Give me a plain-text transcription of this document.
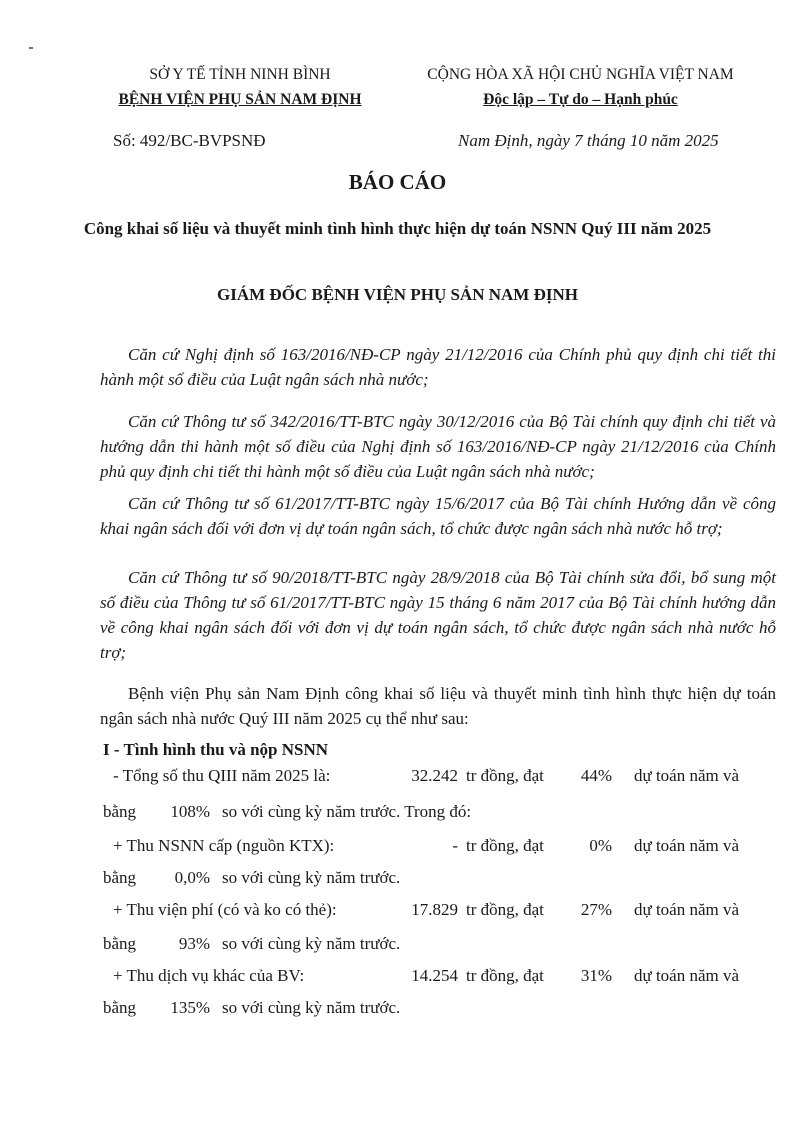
SỞ Y TẾ TỈNH NINH BÌNH
BỆNH VIỆN PHỤ SẢN NAM ĐỊNH
CỘNG HÒA XÃ HỘI CHỦ NGHĨA VIỆT NAM
Độc lập – Tự do – Hạnh phúc
Số: 492/BC-BVPSNĐ	Nam Định, ngày 7 tháng 10 năm 2025
BÁO CÁO
Công khai số liệu và thuyết minh tình hình thực hiện dự toán NSNN Quý III năm 2025
GIÁM ĐỐC BỆNH VIỆN PHỤ SẢN NAM ĐỊNH
Căn cứ Nghị định số 163/2016/NĐ-CP ngày 21/12/2016 của Chính phủ quy định chi tiết thi hành một số điều của Luật ngân sách nhà nước;
Căn cứ Thông tư số 342/2016/TT-BTC ngày 30/12/2016 của Bộ Tài chính quy định chi tiết và hướng dẫn thi hành một số điều của Nghị định số 163/2016/NĐ-CP ngày 21/12/2016 của Chính phủ quy định chi tiết thi hành một số điều của Luật ngân sách nhà nước;
Căn cứ Thông tư số 61/2017/TT-BTC ngày 15/6/2017 của Bộ Tài chính Hướng dẫn về công khai ngân sách đối với đơn vị dự toán ngân sách, tổ chức được ngân sách nhà nước hỗ trợ;
Căn cứ Thông tư số 90/2018/TT-BTC ngày 28/9/2018 của Bộ Tài chính sửa đổi, bổ sung một số điều của Thông tư số 61/2017/TT-BTC ngày 15 tháng 6 năm 2017 của Bộ Tài chính hướng dẫn về công khai ngân sách đối với đơn vị dự toán ngân sách, tổ chức được ngân sách nhà nước hỗ trợ;
Bệnh viện Phụ sản Nam Định công khai số liệu và thuyết minh tình hình thực hiện dự toán ngân sách nhà nước Quý III năm 2025 cụ thể như sau:
I - Tình hình thu và nộp NSNN
- Tổng số thu QIII năm 2025 là:	32.242 tr đồng, đạt 44% dự toán năm và
bằng	108% so với cùng kỳ năm trước. Trong đó:
+ Thu NSNN cấp (nguồn KTX):	- tr đồng, đạt	0% dự toán năm và
bằng	0,0% so với cùng kỳ năm trước.
+ Thu viện phí (có và ko có thẻ):	17.829 tr đồng, đạt 27% dự toán năm và
bằng	93% so với cùng kỳ năm trước.
+ Thu dịch vụ khác của BV:	14.254 tr đồng, đạt 31% dự toán năm và
bằng	135% so với cùng kỳ năm trước.
